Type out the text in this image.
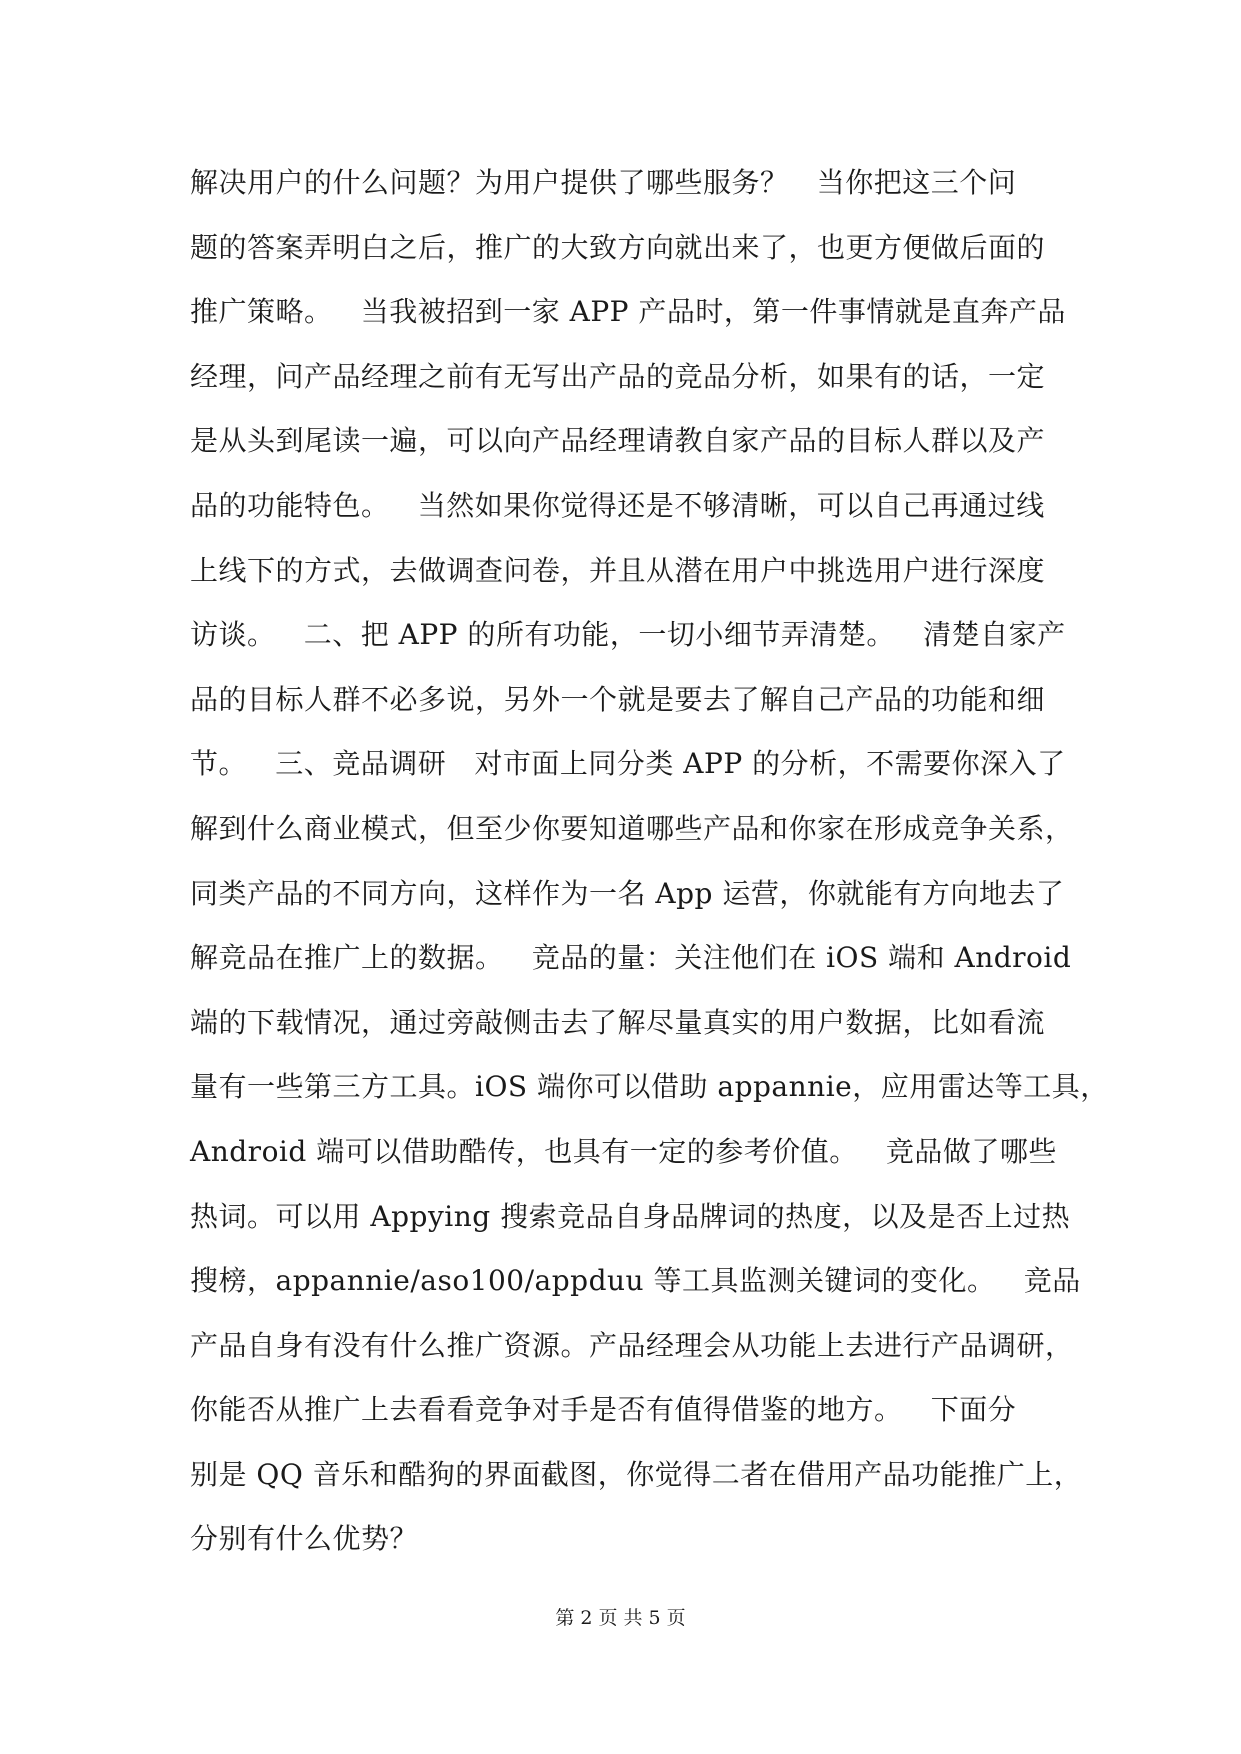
解决用户的什么问题？为用户提供了哪些服务？   当你把这三个问
题的答案弄明白之后，推广的大致方向就出来了，也更方便做后面的
推广策略。   当我被招到一家 APP 产品时，第一件事情就是直奔产品
经理，问产品经理之前有无写出产品的竞品分析，如果有的话，一定
是从头到尾读一遍，可以向产品经理请教自家产品的目标人群以及产
品的功能特色。   当然如果你觉得还是不够清晰，可以自己再通过线
上线下的方式，去做调查问卷，并且从潜在用户中挑选用户进行深度
访谈。   二、把 APP 的所有功能，一切小细节弄清楚。   清楚自家产
品的目标人群不必多说，另外一个就是要去了解自己产品的功能和细
节。   三、竞品调研   对市面上同分类 APP 的分析，不需要你深入了
解到什么商业模式，但至少你要知道哪些产品和你家在形成竞争关系，
同类产品的不同方向，这样作为一名 App 运营，你就能有方向地去了
解竞品在推广上的数据。   竞品的量：关注他们在 iOS 端和 Android
端的下载情况，通过旁敲侧击去了解尽量真实的用户数据，比如看流
量有一些第三方工具。iOS 端你可以借助 appannie，应用雷达等工具，
Android 端可以借助酷传，也具有一定的参考价值。   竞品做了哪些
热词。可以用 Appying 搜索竞品自身品牌词的热度，以及是否上过热
搜榜，appannie/aso100/appduu 等工具监测关键词的变化。   竞品
产品自身有没有什么推广资源。产品经理会从功能上去进行产品调研，
你能否从推广上去看看竞争对手是否有值得借鉴的地方。   下面分
别是 QQ 音乐和酷狗的界面截图，你觉得二者在借用产品功能推广上，
分别有什么优势？
第 2 页 共 5 页
